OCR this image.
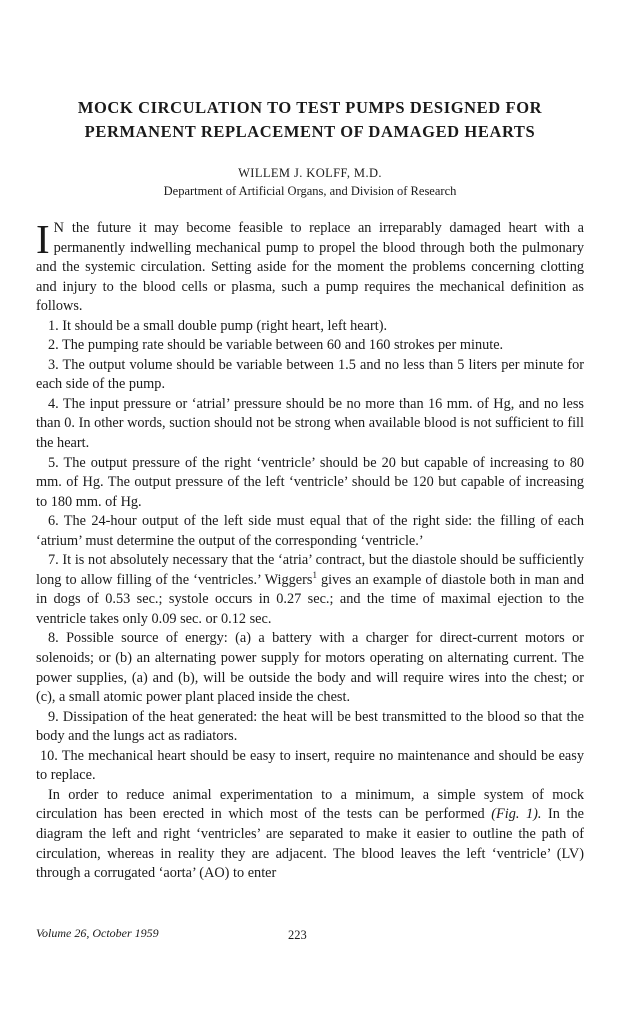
MOCK CIRCULATION TO TEST PUMPS DESIGNED FOR PERMANENT REPLACEMENT OF DAMAGED HEARTS
WILLEM J. KOLFF, M.D.
Department of Artificial Organs, and Division of Research

I N the future it may become feasible to replace an irreparably damaged heart with a permanently indwelling mechanical pump to propel the blood through both the pulmonary and the systemic circulation. Setting aside for the moment the problems concerning clotting and injury to the blood cells or plasma, such a pump requires the mechanical definition as follows.

1. It should be a small double pump (right heart, left heart).

2. The pumping rate should be variable between 60 and 160 strokes per minute.

3. The output volume should be variable between 1.5 and no less than 5 liters per minute for each side of the pump.

4. The input pressure or ‘atrial’ pressure should be no more than 16 mm. of Hg, and no less than 0. In other words, suction should not be strong when available blood is not sufficient to fill the heart.

5. The output pressure of the right ‘ventricle’ should be 20 but capable of increasing to 80 mm. of Hg. The output pressure of the left ‘ventricle’ should be 120 but capable of increasing to 180 mm. of Hg.

6. The 24-hour output of the left side must equal that of the right side: the filling of each ‘atrium’ must determine the output of the corresponding ‘ventricle.’

7. It is not absolutely necessary that the ‘atria’ contract, but the diastole should be sufficiently long to allow filling of the ‘ventricles.’ Wiggers$^1$ gives an example of diastole both in man and in dogs of 0.53 sec.; systole occurs in 0.27 sec.; and the time of maximal ejection to the ventricle takes only 0.09 sec. or 0.12 sec.

8. Possible source of energy: (a) a battery with a charger for direct-current motors or solenoids; or (b) an alternating power supply for motors operating on alternating current. The power supplies, (a) and (b), will be outside the body and will require wires into the chest; or (c), a small atomic power plant placed inside the chest.

9. Dissipation of the heat generated: the heat will be best transmitted to the blood so that the body and the lungs act as radiators.

10. The mechanical heart should be easy to insert, require no maintenance and should be easy to replace.

In order to reduce animal experimentation to a minimum, a simple system of mock circulation has been erected in which most of the tests can be performed (Fig. 1). In the diagram the left and right ‘ventricles’ are separated to make it easier to outline the path of circulation, whereas in reality they are adjacent. The blood leaves the left ‘ventricle’ (LV) through a corrugated ‘aorta’ (AO) to enter

Volume 26, October 1959	223
